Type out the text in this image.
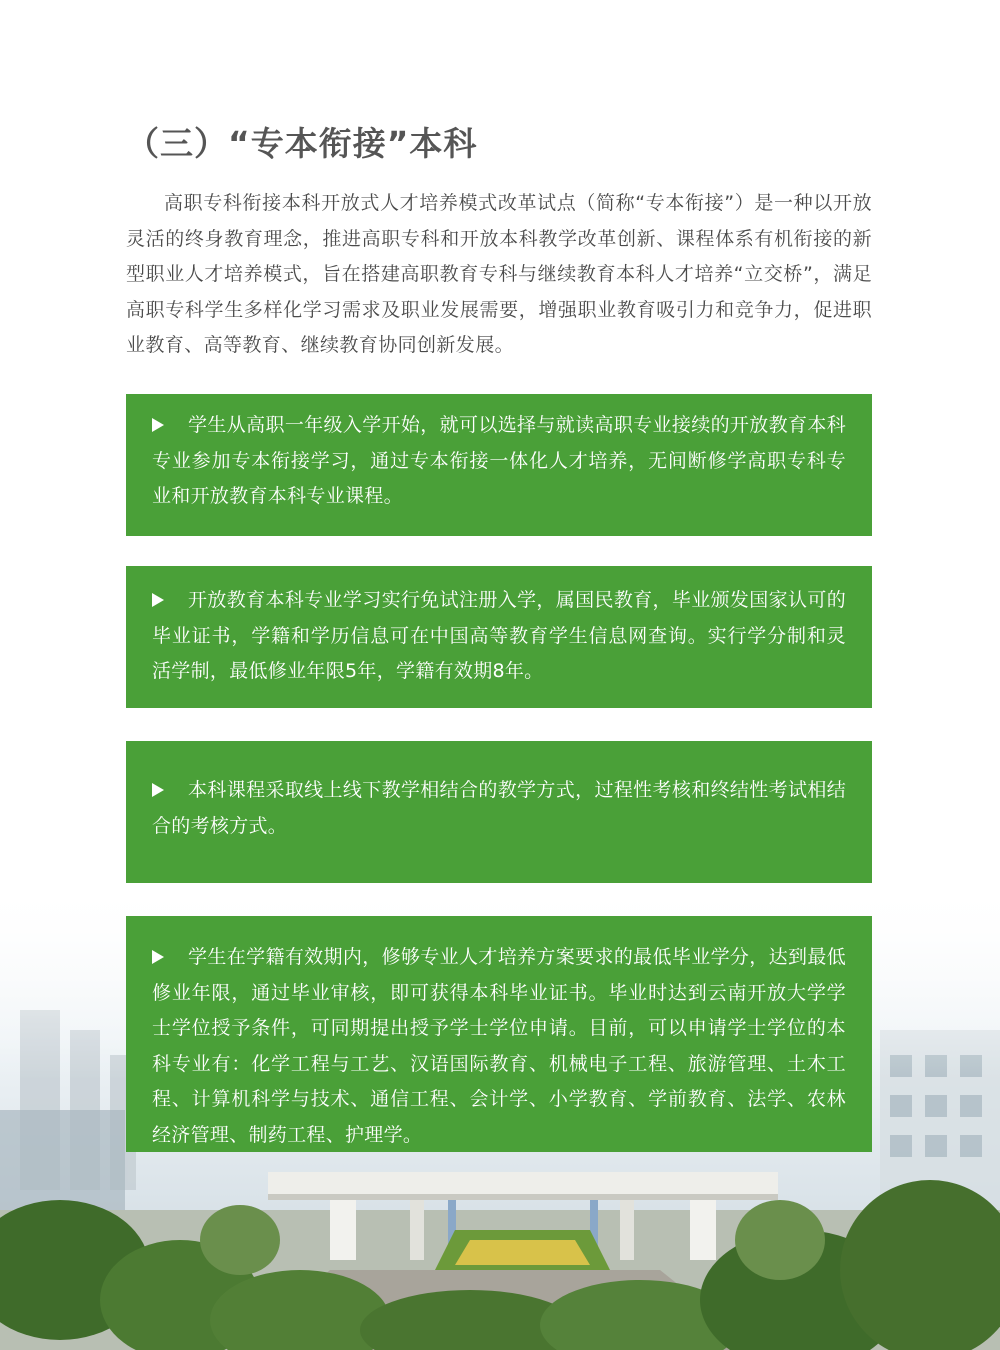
（三）“专本衔接”本科

高职专科衔接本科开放式人才培养模式改革试点（简称“专本衔接”）是一种以开放灵活的终身教育理念，推进高职专科和开放本科教学改革创新、课程体系有机衔接的新型职业人才培养模式，旨在搭建高职教育专科与继续教育本科人才培养“立交桥”，满足高职专科学生多样化学习需求及职业发展需要，增强职业教育吸引力和竞争力，促进职业教育、高等教育、继续教育协同创新发展。

学生从高职一年级入学开始，就可以选择与就读高职专业接续的开放教育本科专业参加专本衔接学习，通过专本衔接一体化人才培养，无间断修学高职专科专业和开放教育本科专业课程。

开放教育本科专业学习实行免试注册入学，属国民教育，毕业颁发国家认可的毕业证书，学籍和学历信息可在中国高等教育学生信息网查询。实行学分制和灵活学制，最低修业年限5年，学籍有效期8年。

本科课程采取线上线下教学相结合的教学方式，过程性考核和终结性考试相结合的考核方式。

学生在学籍有效期内，修够专业人才培养方案要求的最低毕业学分，达到最低修业年限，通过毕业审核，即可获得本科毕业证书。毕业时达到云南开放大学学士学位授予条件，可同期提出授予学士学位申请。目前，可以申请学士学位的本科专业有：化学工程与工艺、汉语国际教育、机械电子工程、旅游管理、土木工程、计算机科学与技术、通信工程、会计学、小学教育、学前教育、法学、农林经济管理、制药工程、护理学。
